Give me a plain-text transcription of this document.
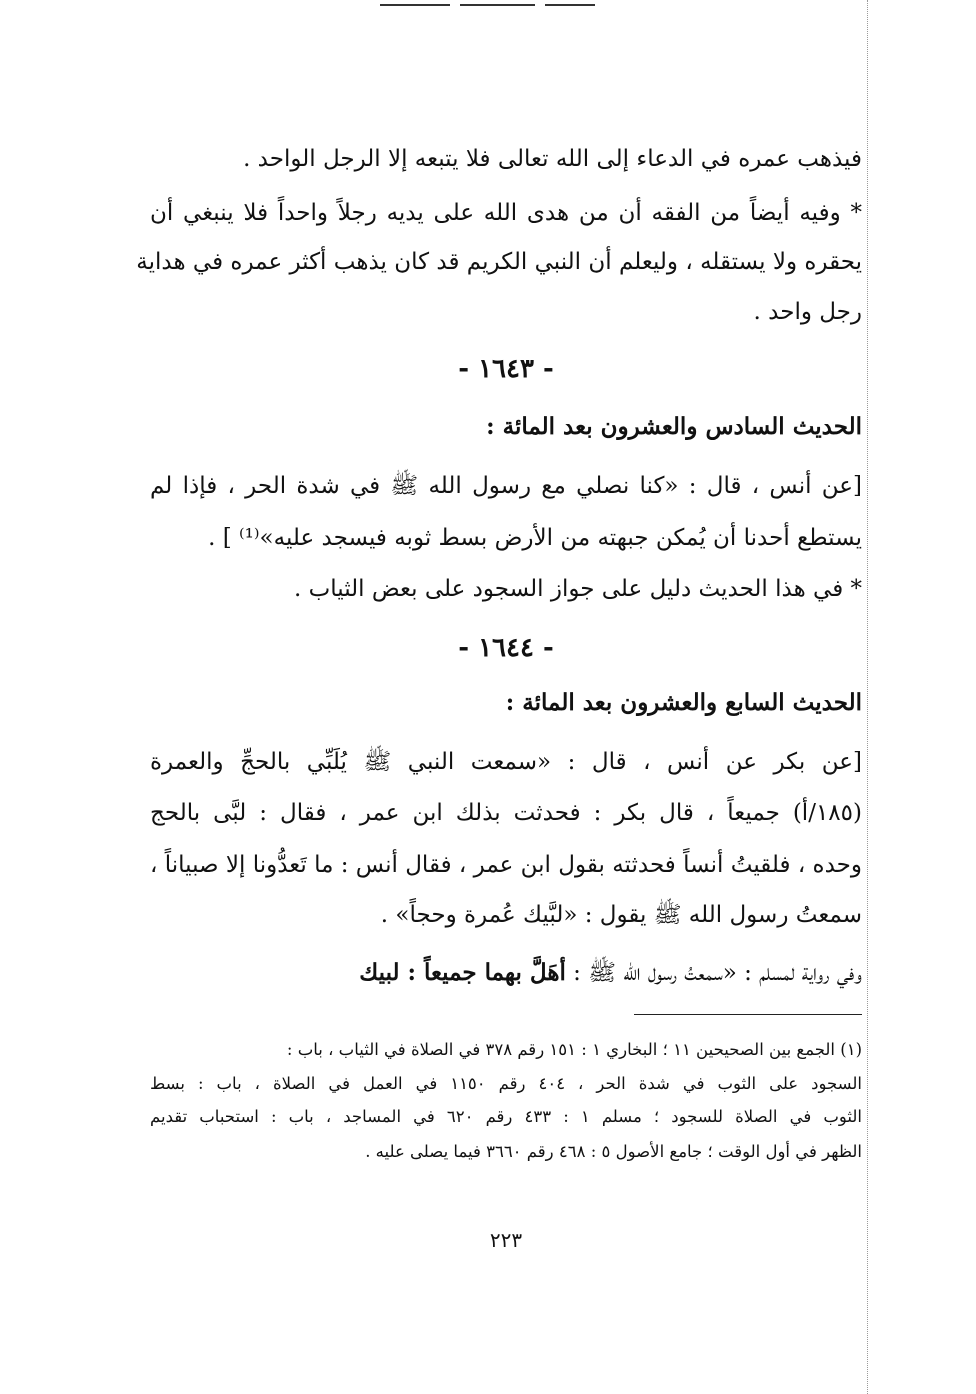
فيذهب عمره في الدعاء إلى الله تعالى فلا يتبعه إلا الرجل الواحد .
* وفيه أيضاً من الفقه أن من هدى الله على يديه رجلاً واحداً فلا ينبغي أن
يحقره ولا يستقله ، وليعلم أن النبي الكريم قد كان يذهب أكثر عمره في هداية
رجل واحد .
- ١٦٤٣ -
الحديث السادس والعشرون بعد المائة :
[عن أنس ، قال : «كنا نصلي مع رسول الله ﷺ في شدة الحر ، فإذا لم
يستطع أحدنا أن يُمكن جبهته من الأرض بسط ثوبه فيسجد عليه»⁽¹⁾ ] .
* في هذا الحديث دليل على جواز السجود على بعض الثياب .
- ١٦٤٤ -
الحديث السابع والعشرون بعد المائة :
[عن بكر عن أنس ، قال : «سمعت النبي ﷺ يُلَبِّي بالحجِّ والعمرة
(١٨٥/أ) جميعاً ، قال بكر : فحدثت بذلك ابن عمر ، فقال : لبَّى بالحج
وحده ، فلقيتُ أنساً فحدثته بقول ابن عمر ، فقال أنس : ما تَعدُّونا إلا صبياناً ،
سمعتُ رسول الله ﷺ يقول : «لبَّيك عُمرة وحجاً» .
وفي رواية لمسلم : «سمعتُ رسول الله ﷺ : أهَلَّ بهما جميعاً : لبيك
(١) الجمع بين الصحيحين ١١ ؛ البخاري ١ : ١٥١ رقم ٣٧٨ في الصلاة في الثياب ، باب :
السجود على الثوب في شدة الحر ، ٤٠٤ رقم ١١٥٠ في العمل في الصلاة ، باب : بسط
الثوب في الصلاة للسجود ؛ مسلم ١ : ٤٣٣ رقم ٦٢٠ في المساجد ، باب : استحباب تقديم
الظهر في أول الوقت ؛ جامع الأصول ٥ : ٤٦٨ رقم ٣٦٦٠ فيما يصلى عليه .
٢٢٣
